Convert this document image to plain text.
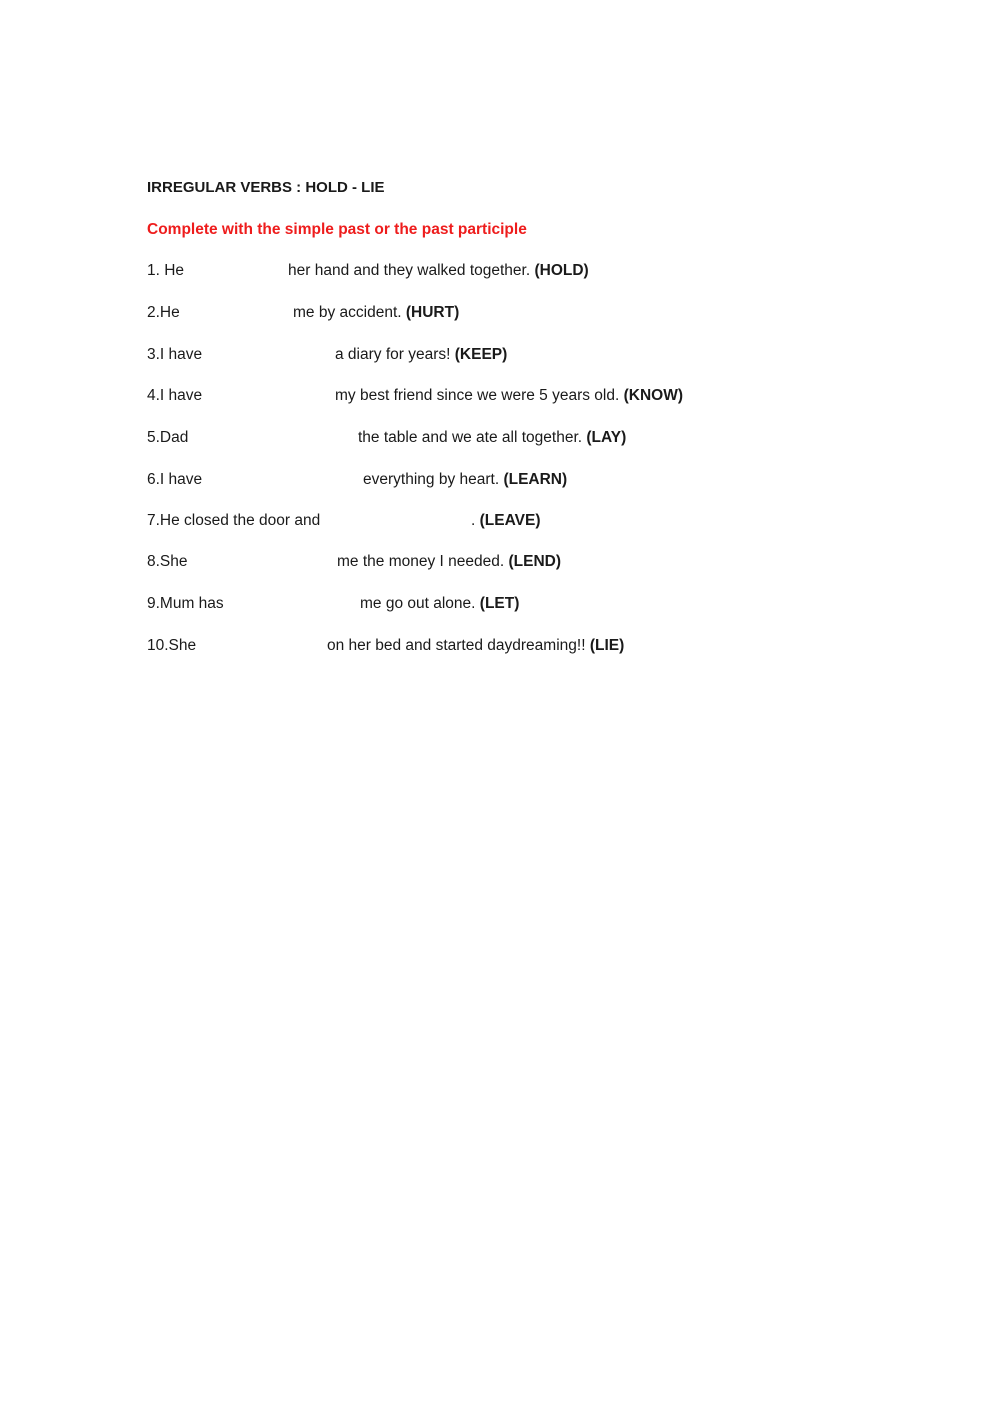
IRREGULAR VERBS : HOLD - LIE

Complete with the simple past or the past participle

1. He	her hand and they walked together. (HOLD)
2.He	me by accident. (HURT)
3.I have	a diary for years! (KEEP)
4.I have	my best friend since we were 5 years old. (KNOW)
5.Dad	the table and we ate all together. (LAY)
6.I have	everything by heart. (LEARN)
7.He closed the door and	. (LEAVE)
8.She	me the money I needed. (LEND)
9.Mum has	me go out alone. (LET)
10.She	on her bed and started daydreaming!! (LIE)
